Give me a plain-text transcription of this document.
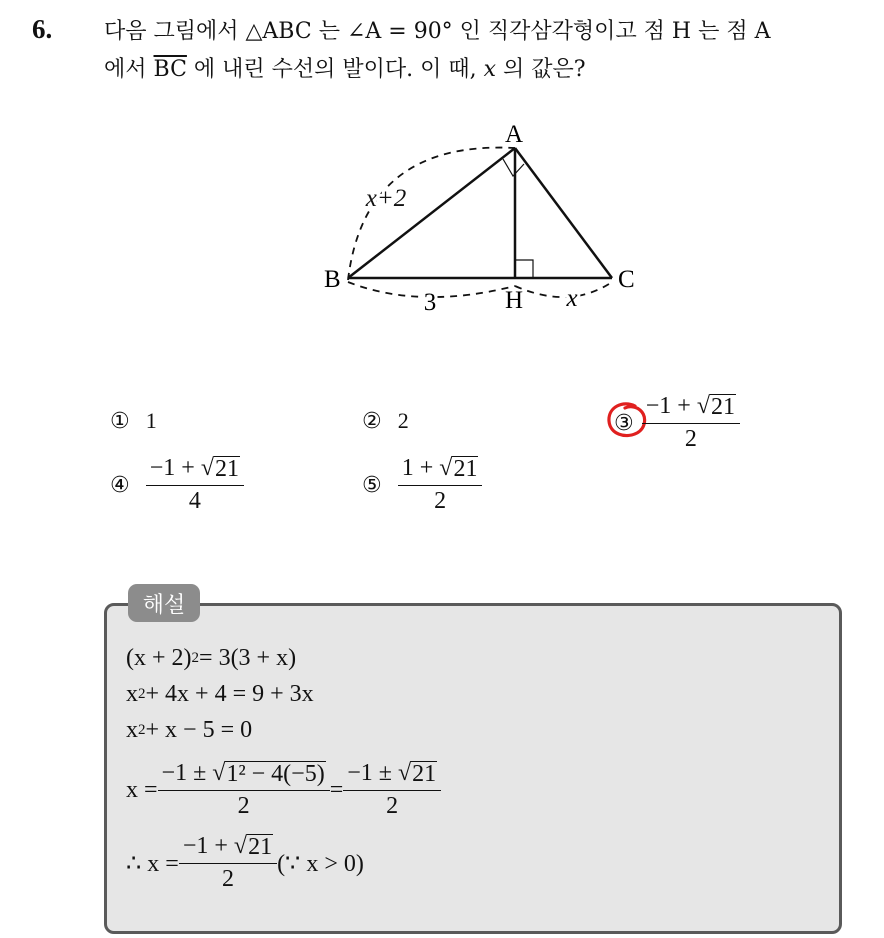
6. 다음 그림에서 △ABC 는 ∠A = 90° 인 직각삼각형이고 점 H 는 점 A
에서 $\overline{BC}$ 에 내린 수선의 발이다. 이 때, x 의 값은?
A
B	C
H
x+2
3	x
① 1	② 2	③ $\frac{-1 + √ 21}{2}$
④ $\frac{-1 + √ 21}{4}$	⑤ $\frac{1 + √ 21}{2}$
해설
(x + 2) 2 = 3(3 + x)
x 2 + 4x + 4 = 9 + 3x
x 2 + x − 5 = 0
$x = \frac{\text{−1 ± √ 1² − 4(−5)}}{2} = \frac{-1 \pm √ 21}{2}$
∴ $x = \frac{-1 + √ 21}{2}$ (∵ x > 0)
